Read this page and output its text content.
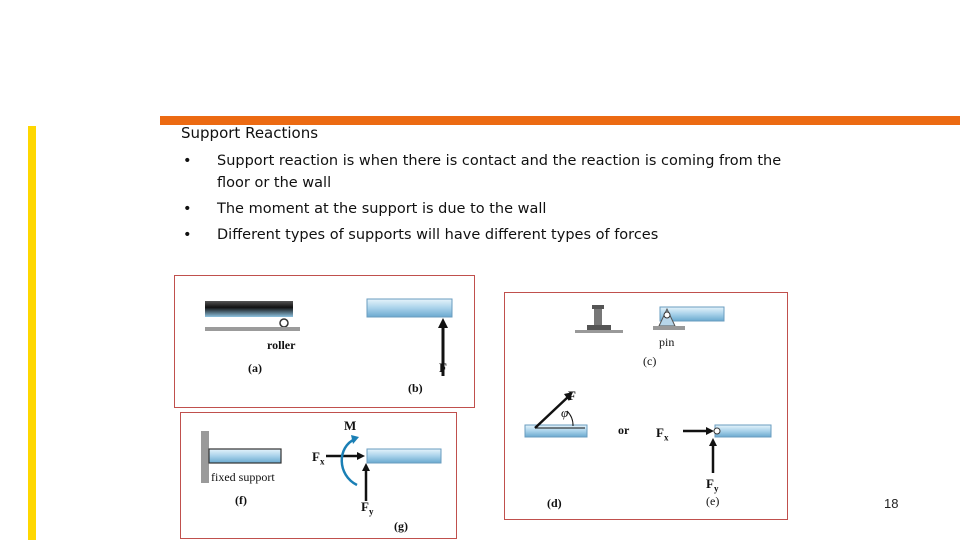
Support Reactions
• Support reaction is when there is contact and the reaction is coming from the floor or the wall
• The moment at the support is due to the wall
• Different types of supports will have different types of forces
roller
(a)
(b)
F
fixed support
(f)
(g)
M
$F_x$
$F_y$
pin
(c)
F
φ
or $F_x$
$F_y$
(d)	(e)	18
